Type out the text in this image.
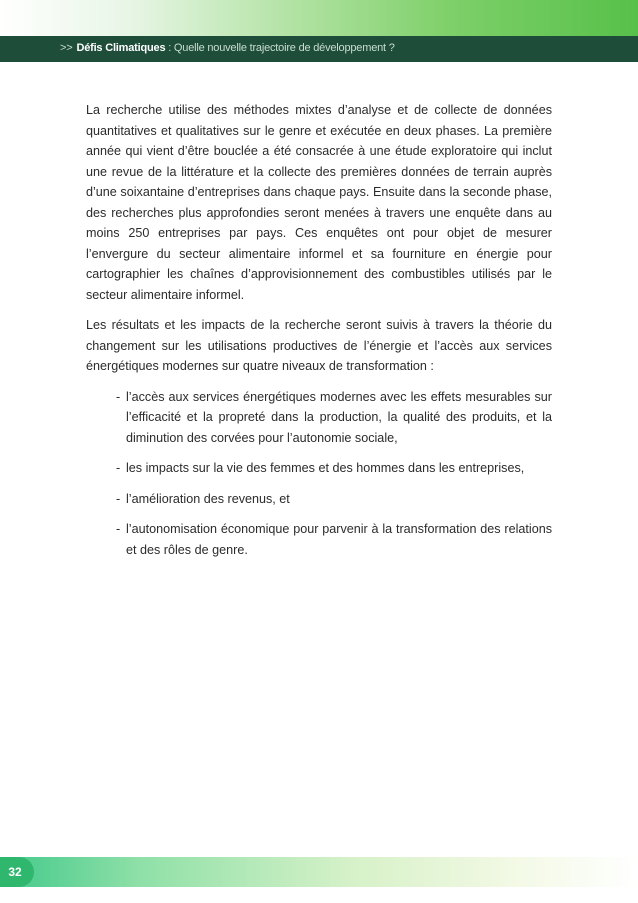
>> Défis Climatiques : Quelle nouvelle trajectoire de développement ?

La recherche utilise des méthodes mixtes d’analyse et de collecte de données quantitatives et qualitatives sur le genre et exécutée en deux phases. La première année qui vient d’être bouclée a été consacrée à une étude exploratoire qui inclut une revue de la littérature et la collecte des premières données de terrain auprès d’une soixantaine d’entreprises dans chaque pays. Ensuite dans la seconde phase, des recherches plus approfondies seront menées à travers une enquête dans au moins 250 entreprises par pays. Ces enquêtes ont pour objet de mesurer l’envergure du secteur alimentaire informel et sa fourniture en énergie pour cartographier les chaînes d’approvisionnement des combustibles utilisés par le secteur alimentaire informel.

Les résultats et les impacts de la recherche seront suivis à travers la théorie du changement sur les utilisations productives de l’énergie et l’accès aux services énergétiques modernes sur quatre niveaux de transformation :

- l’accès aux services énergétiques modernes avec les effets mesurables sur l’efficacité et la propreté dans la production, la qualité des produits, et la diminution des corvées pour l’autonomie sociale,
- les impacts sur la vie des femmes et des hommes dans les entreprises,
- l’amélioration des revenus, et
- l’autonomisation économique pour parvenir à la transformation des relations et des rôles de genre.
32
